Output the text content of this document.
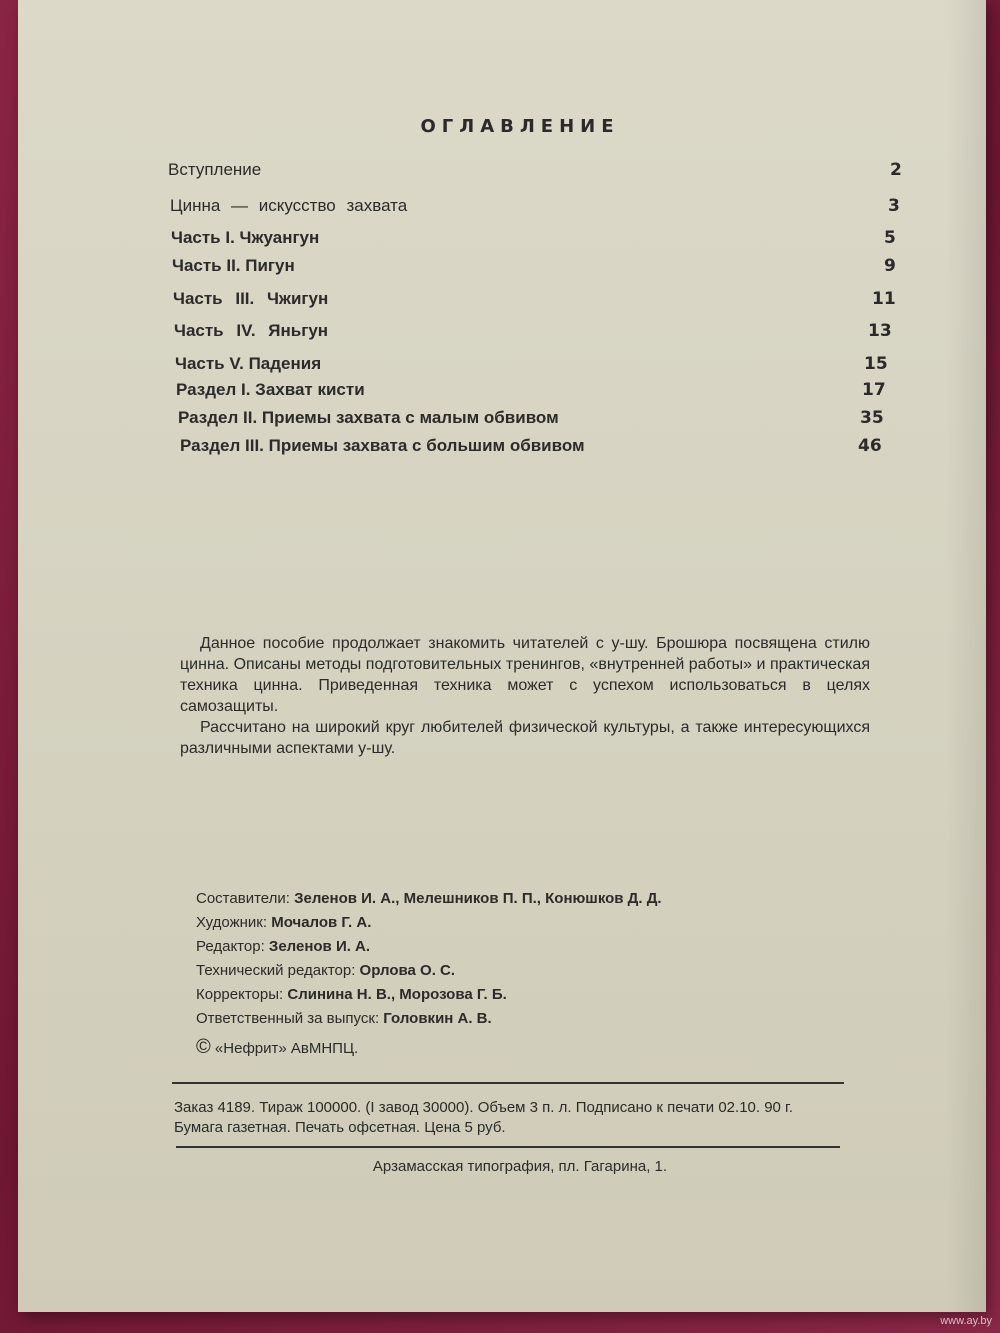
ОГЛАВЛЕНИЕ
Вступление	2
Цинна — искусство захвата	3
Часть I. Чжуангун	5
Часть II. Пигун	9
Часть III. Чжигун	11
Часть IV. Яньгун	13
Часть V. Падения	15
Раздел I. Захват кисти	17
Раздел II. Приемы захвата с малым обвивом	35
Раздел III. Приемы захвата с большим обвивом	46

Данное пособие продолжает знакомить читателей с у-шу. Брошюра посвящена стилю цинна. Описаны методы подготовительных тренингов, «внутренней работы» и практическая техника цинна. Приведенная техника может с успехом использоваться в целях самозащиты.

Рассчитано на широкий круг любителей физической культуры, а также интересующихся различными аспектами у-шу.

Составители: Зеленов И. А., Мелешников П. П., Конюшков Д. Д.
Художник: Мочалов Г. А.
Редактор: Зеленов И. А.
Технический редактор: Орлова О. С.
Корректоры: Слинина Н. В., Морозова Г. Б.
Ответственный за выпуск: Головкин А. В.
© «Нефрит» АвМНПЦ.
Заказ 4189. Тираж 100000. (I завод 30000). Объем 3 п. л. Подписано к печати 02.10. 90 г. Бумага газетная. Печать офсетная. Цена 5 руб.
Арзамасская типография, пл. Гагарина, 1.
www.ay.by
